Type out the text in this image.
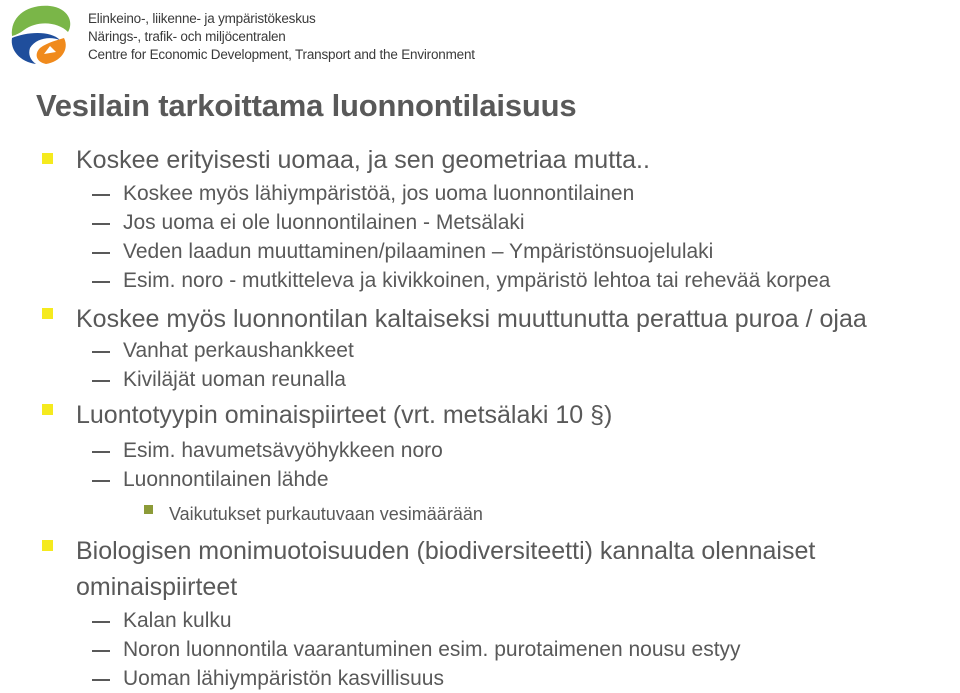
Elinkeino-, liikenne- ja ympäristökeskus
Närings-, trafik- och miljöcentralen
Centre for Economic Development, Transport and the Environment
Vesilain tarkoittama luonnontilaisuus
Koskee erityisesti uomaa, ja sen geometriaa mutta..
Koskee myös lähiympäristöä, jos uoma luonnontilainen
Jos uoma ei ole luonnontilainen - Metsälaki
Veden laadun muuttaminen/pilaaminen – Ympäristönsuojelulaki
Esim. noro - mutkitteleva ja kivikkoinen, ympäristö lehtoa tai rehevää korpea
Koskee myös luonnontilan kaltaiseksi muuttunutta perattua puroa / ojaa
Vanhat perkaushankkeet
Kiviläjät uoman reunalla
Luontotyypin ominaispiirteet (vrt. metsälaki 10 §)
Esim. havumetsävyöhykkeen noro
Luonnontilainen lähde
Vaikutukset purkautuvaan vesimäärään
Biologisen monimuotoisuuden (biodiversiteetti) kannalta olennaiset
ominaispiirteet
Kalan kulku
Noron luonnontila vaarantuminen esim. purotaimenen nousu estyy
Uoman lähiympäristön kasvillisuus
